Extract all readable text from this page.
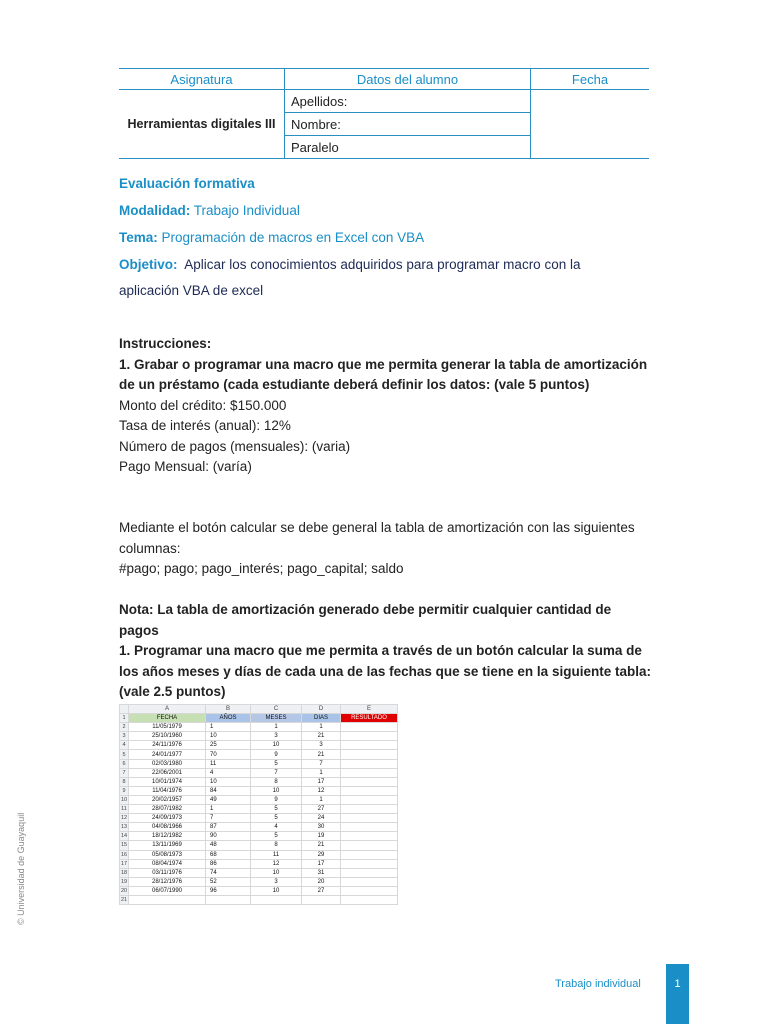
Asignatura	Datos del alumno	Fecha
Herramientas digitales III	Apellidos:	
	Nombre:	
	Paralelo	
Evaluación formativa
Modalidad: Trabajo Individual
Tema: Programación de macros en Excel con VBA
Objetivo: Aplicar los conocimientos adquiridos para programar macro con la
aplicación VBA de excel

Instrucciones:

1. Grabar o programar una macro que me permita generar la tabla de amortización

de un préstamo (cada estudiante deberá definir los datos: (vale 5 puntos)

Monto del crédito: $150.000

Tasa de interés (anual): 12%

Número de pagos (mensuales): (varia)

Pago Mensual: (varía)

Mediante el botón calcular se debe general la tabla de amortización con las siguientes

columnas:

#pago; pago; pago_interés; pago_capital; saldo

Nota: La tabla de amortización generado debe permitir cualquier cantidad de pagos

1. Programar una macro que me permita a través de un botón calcular la suma de

los años meses y días de cada una de las fechas que se tiene en la siguiente tabla:

(vale 2.5 puntos)

	A	B	C	D	E
1	FECHA	AÑOS	MESES	DIAS	RESULTADO
2	11/05/1979	1	1	1	
3	25/10/1960	10	3	21	
4	24/11/1976	25	10	3	
5	24/01/1977	70	9	21	
6	02/03/1980	11	5	7	
7	22/06/2001	4	7	1	
8	10/01/1974	10	8	17	
9	11/04/1976	84	10	12	
10	20/02/1957	49	9	1	
11	28/07/1982	1	5	27	
12	24/09/1973	7	5	24	
13	04/08/1966	87	4	30	
14	18/12/1982	90	5	19	
15	13/11/1969	48	8	21	
16	05/08/1973	68	11	29	
17	08/04/1974	86	12	17	
18	03/11/1976	74	10	31	
19	28/12/1976	52	3	20	
20	06/07/1990	96	10	27	
21					
© Universidad de Guayaquil
Trabajo individual	1
